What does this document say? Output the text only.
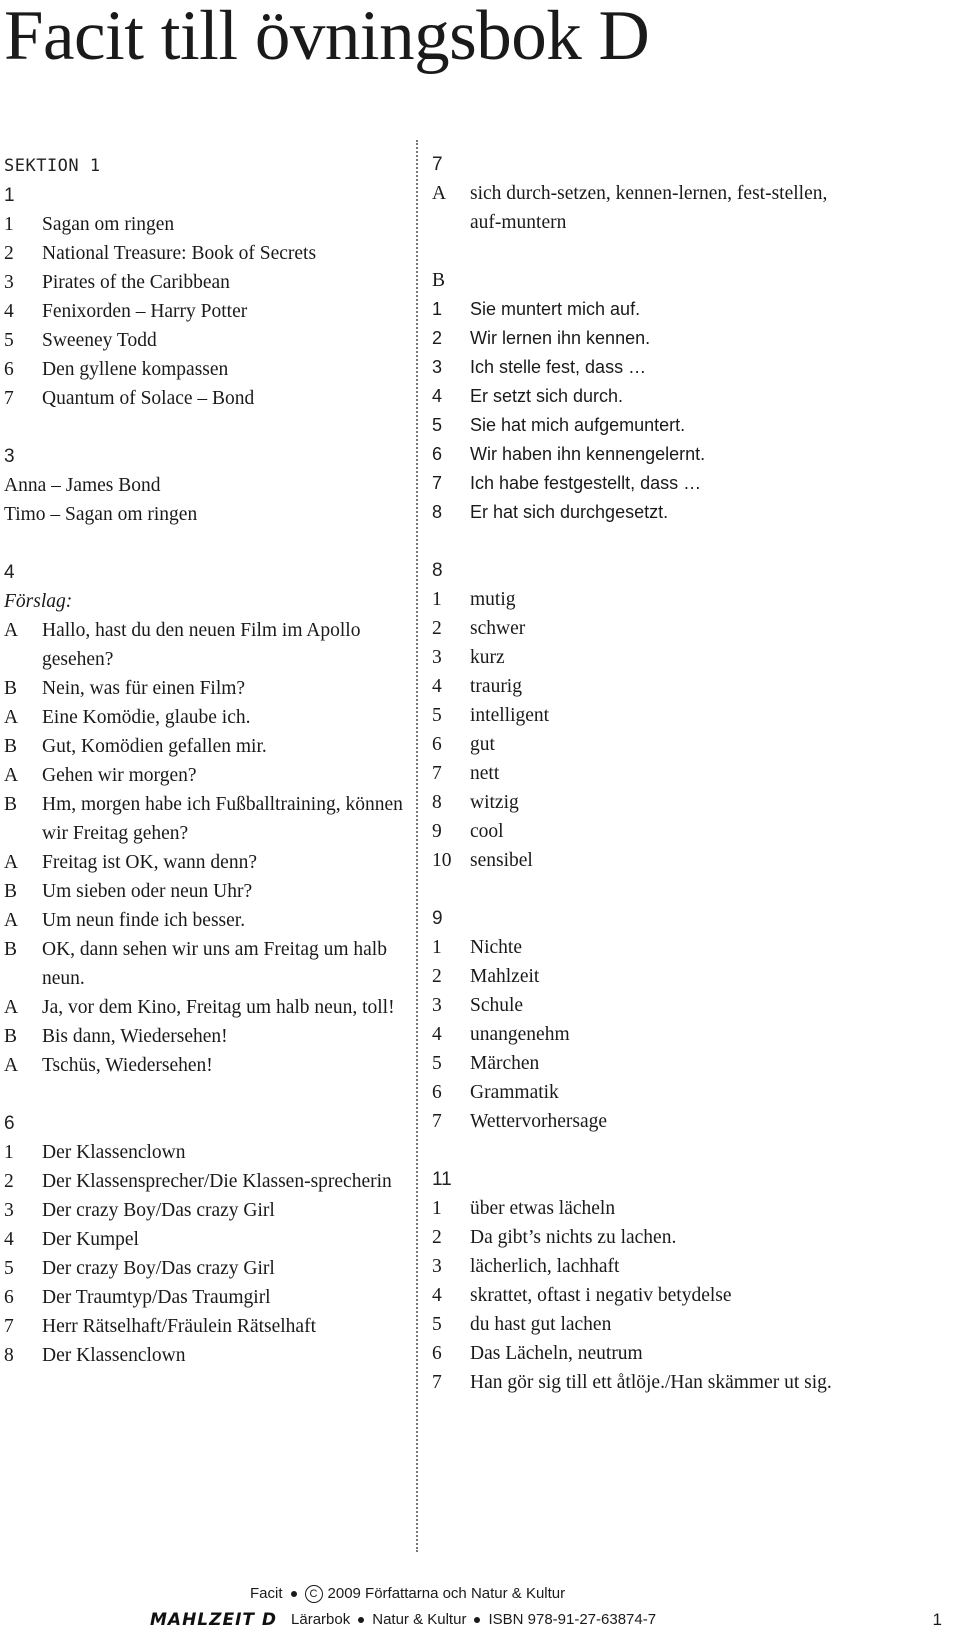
Facit till övningsbok D
SEKTION 1
1
1	Sagan om ringen
2	National Treasure: Book of Secrets
3	Pirates of the Caribbean
4	Fenixorden – Harry Potter
5	Sweeney Todd
6	Den gyllene kompassen
7	Quantum of Solace – Bond
3
Anna – James Bond
Timo – Sagan om ringen
4
Förslag:
A	Hallo, hast du den neuen Film im Apollo gesehen?
B	Nein, was für einen Film?
A	Eine Komödie, glaube ich.
B	Gut, Komödien gefallen mir.
A	Gehen wir morgen?
B	Hm, morgen habe ich Fußballtraining, können wir Freitag gehen?
A	Freitag ist OK, wann denn?
B	Um sieben oder neun Uhr?
A	Um neun finde ich besser.
B	OK, dann sehen wir uns am Freitag um halb neun.
A	Ja, vor dem Kino, Freitag um halb neun, toll!
B	Bis dann, Wiedersehen!
A	Tschüs, Wiedersehen!
6
1	Der Klassenclown
2	Der Klassensprecher/Die Klassen-sprecherin
3	Der crazy Boy/Das crazy Girl
4	Der Kumpel
5	Der crazy Boy/Das crazy Girl
6	Der Traumtyp/Das Traumgirl
7	Herr Rätselhaft/Fräulein Rätselhaft
8	Der Klassenclown
7
A	sich durch-setzen, kennen-lernen, fest-stellen, auf-muntern
B
1	Sie muntert mich auf.
2	Wir lernen ihn kennen.
3	Ich stelle fest, dass …
4	Er setzt sich durch.
5	Sie hat mich aufgemuntert.
6	Wir haben ihn kennengelernt.
7	Ich habe festgestellt, dass …
8	Er hat sich durchgesetzt.
8
1	mutig
2	schwer
3	kurz
4	traurig
5	intelligent
6	gut
7	nett
8	witzig
9	cool
10 sensibel
9
1	Nichte
2	Mahlzeit
3	Schule
4	unangenehm
5	Märchen
6	Grammatik
7	Wettervorhersage
11
1	über etwas lächeln
2	Da gibt’s nichts zu lachen.
3	lächerlich, lachhaft
4	skrattet, oftast i negativ betydelse
5	du hast gut lachen
6	Das Lächeln, neutrum
7	Han gör sig till ett åtlöje./Han skämmer ut sig.
Facit C 2009 Författarna och Natur & Kultur
MAHLZEIT D Lärarbok Natur & Kultur ISBN 978-91-27-63874-7	1
